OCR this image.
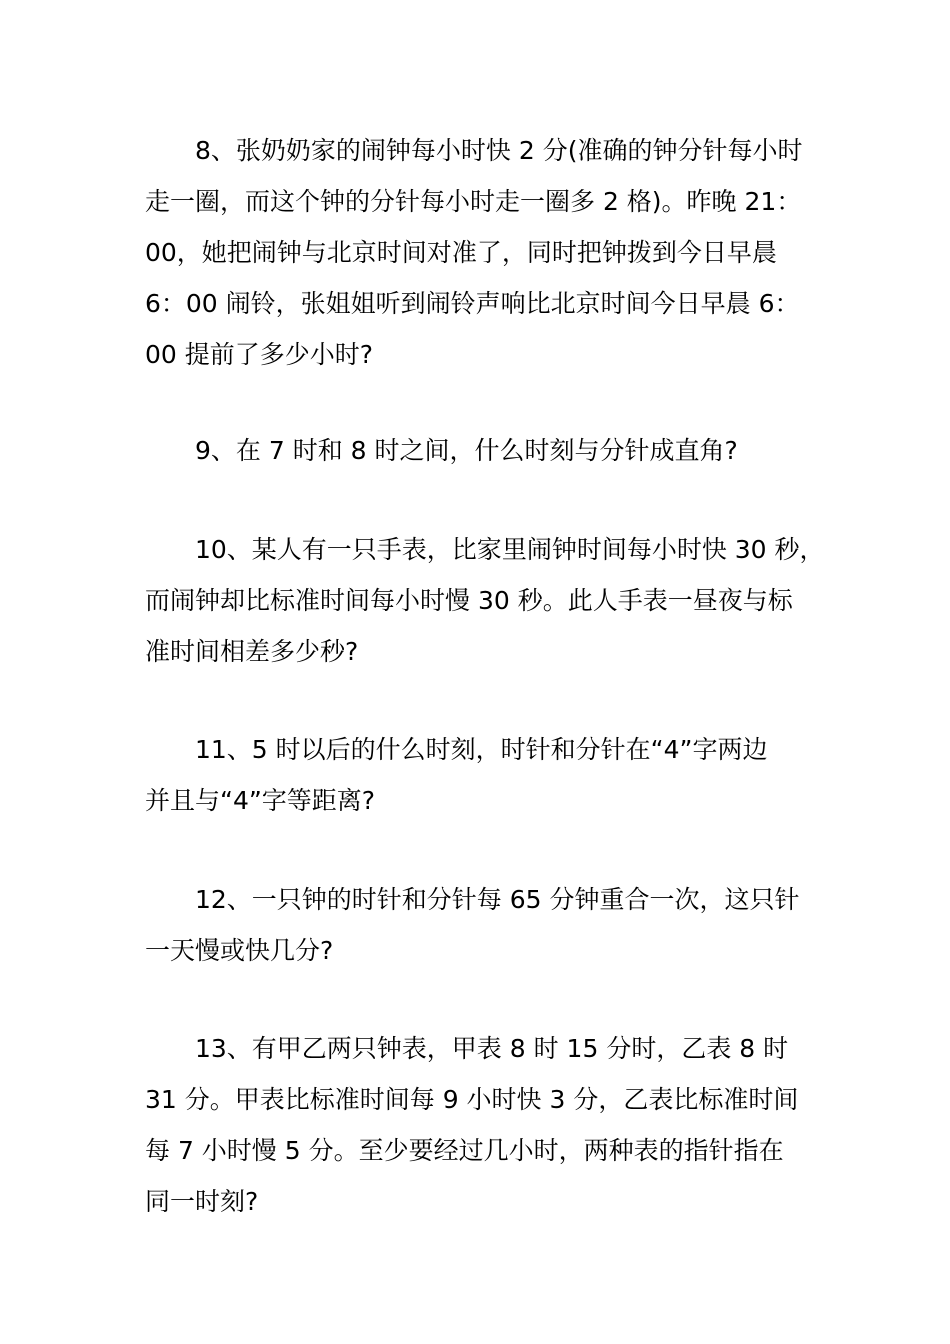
8、张奶奶家的闹钟每小时快 2 分(准确的钟分针每小时
走一圈，而这个钟的分针每小时走一圈多 2 格)。昨晚 21：
00，她把闹钟与北京时间对准了，同时把钟拨到今日早晨
6：00 闹铃，张姐姐听到闹铃声响比北京时间今日早晨 6：
00 提前了多少小时?
9、在 7 时和 8 时之间，什么时刻与分针成直角?
10、某人有一只手表，比家里闹钟时间每小时快 30 秒，
而闹钟却比标准时间每小时慢 30 秒。此人手表一昼夜与标
准时间相差多少秒?
11、5 时以后的什么时刻，时针和分针在“4”字两边
并且与“4”字等距离?
12、一只钟的时针和分针每 65 分钟重合一次，这只针
一天慢或快几分?
13、有甲乙两只钟表，甲表 8 时 15 分时，乙表 8 时
31 分。甲表比标准时间每 9 小时快 3 分，乙表比标准时间
每 7 小时慢 5 分。至少要经过几小时，两种表的指针指在
同一时刻?
